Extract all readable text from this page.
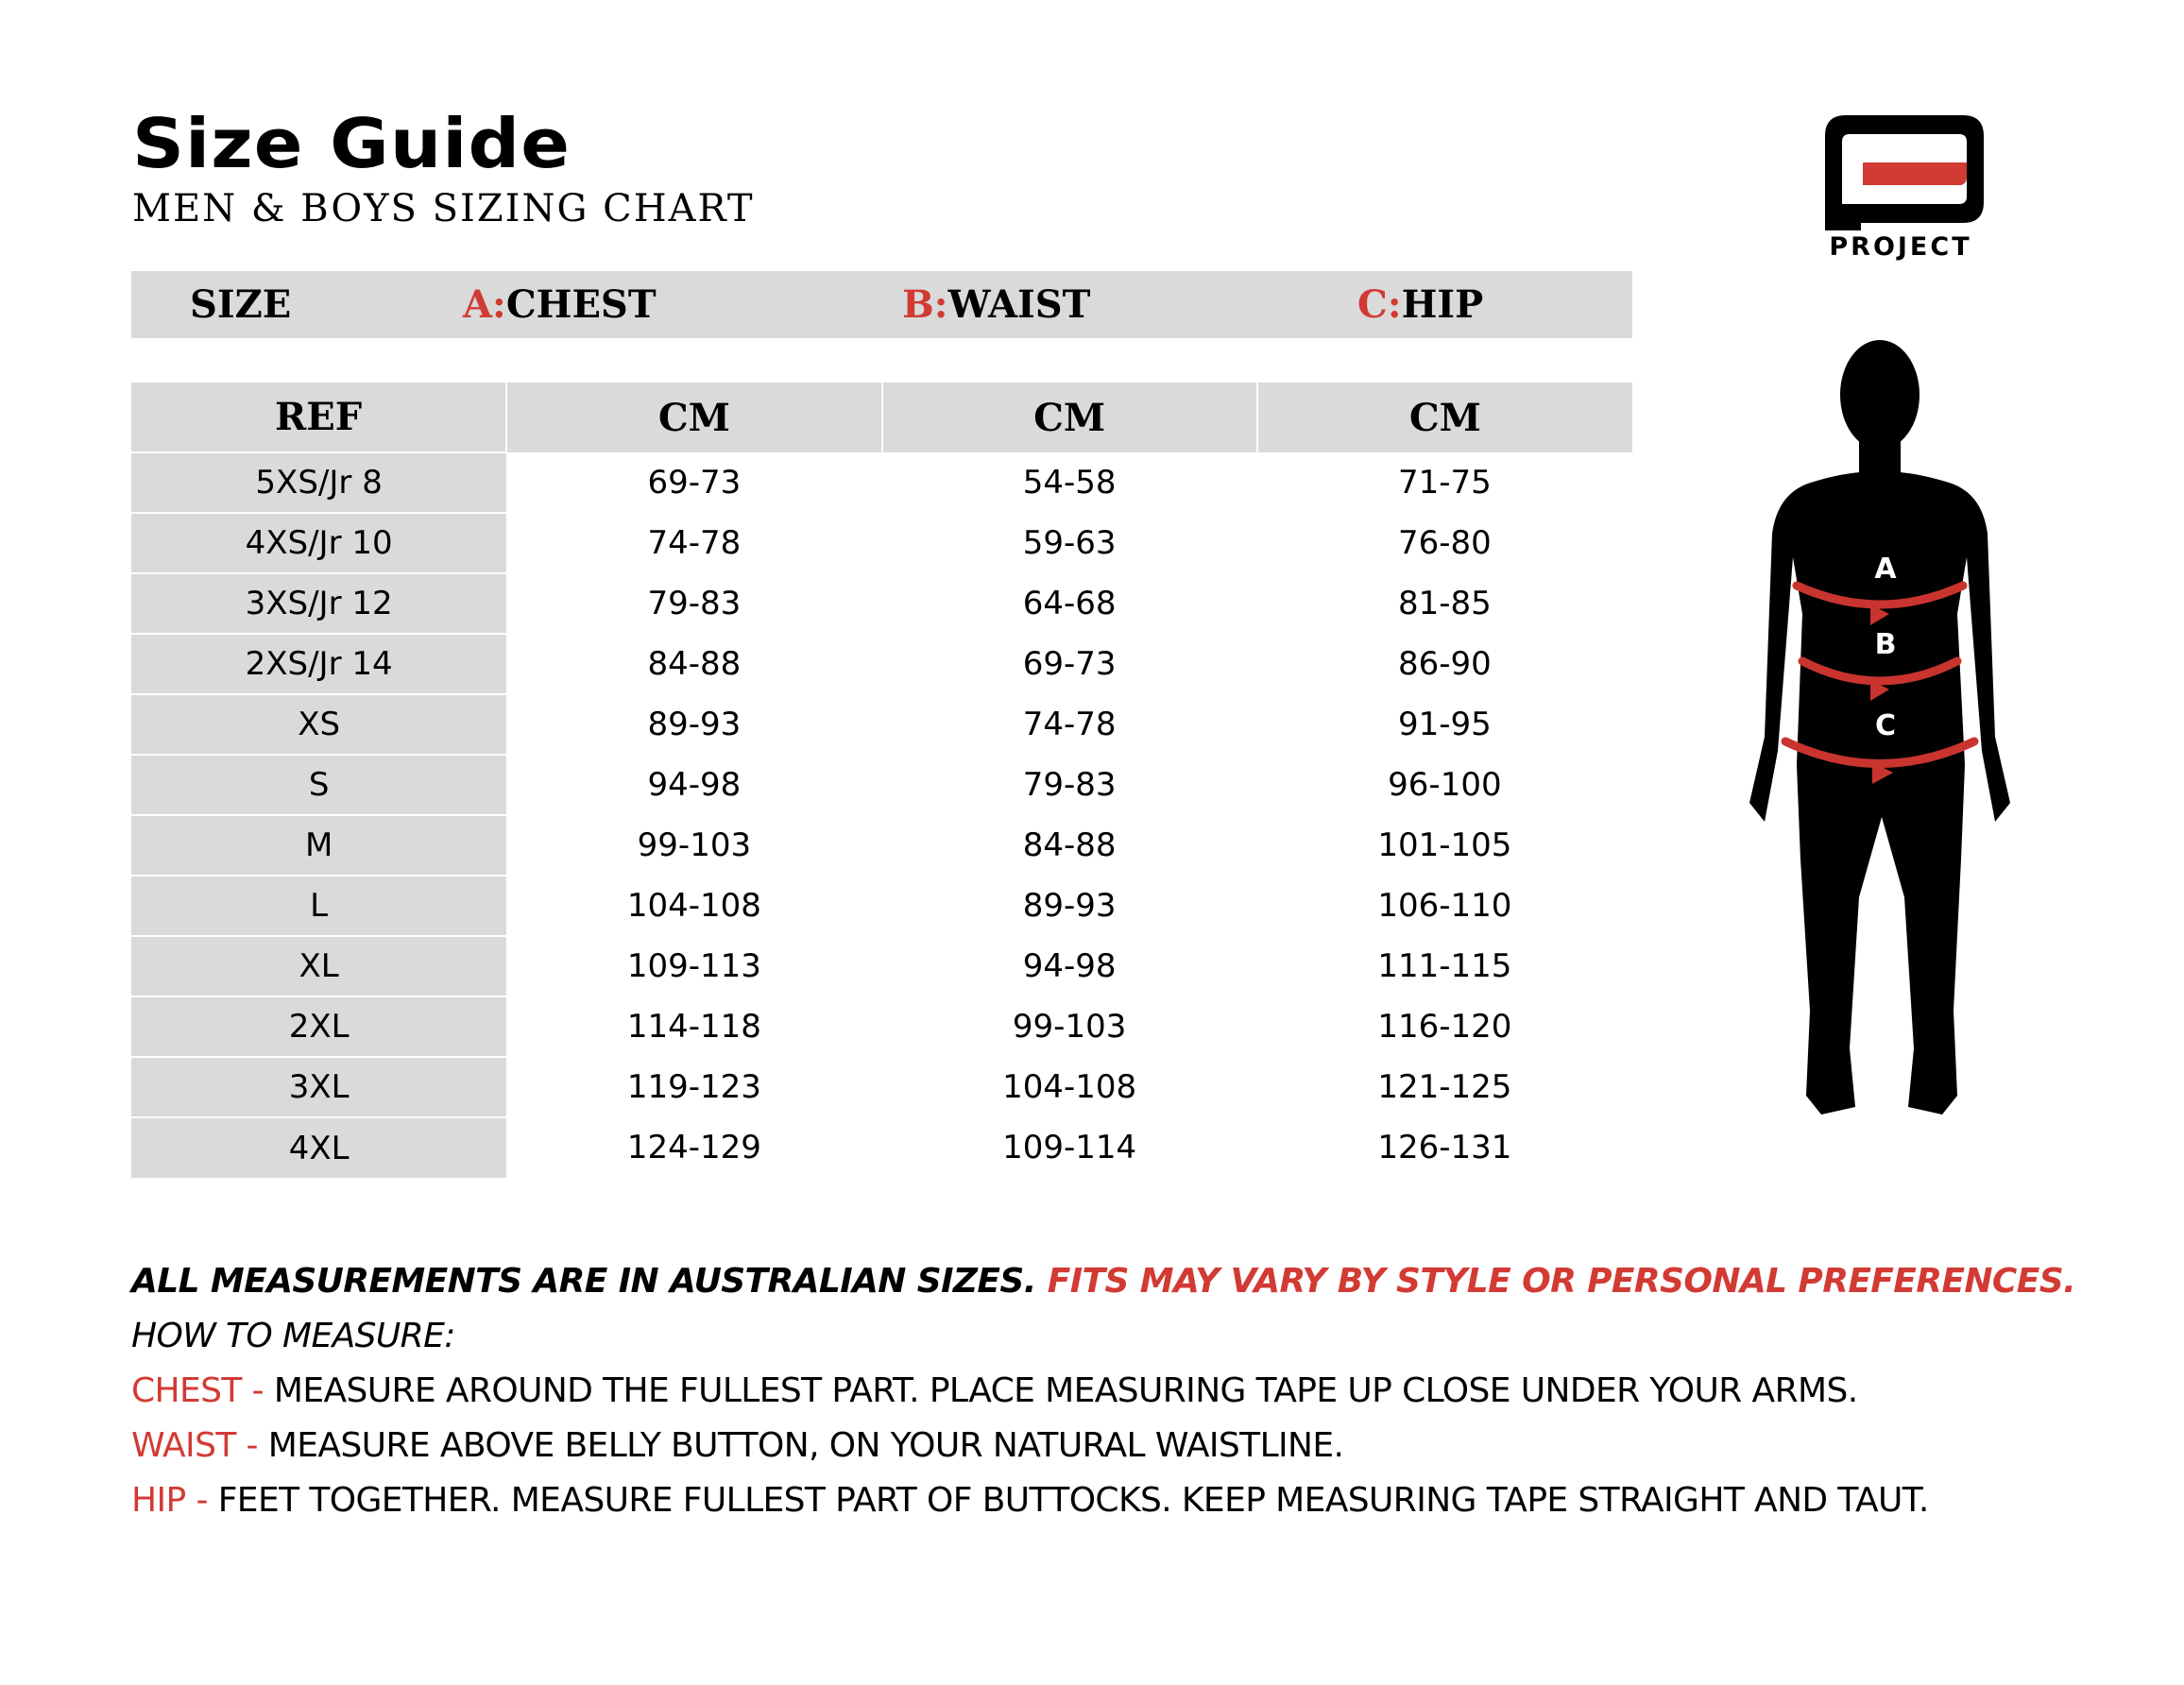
Size Guide
MEN & BOYS SIZING CHART
PROJECT
SIZE	A:CHEST	B:WAIST	C:HIP
REF	CM	CM	CM
5XS/Jr 8	69-73	54-58	71-75
4XS/Jr 10	74-78	59-63	76-80
3XS/Jr 12	79-83	64-68	81-85
2XS/Jr 14	84-88	69-73	86-90
XS	89-93	74-78	91-95
S	94-98	79-83	96-100
M	99-103	84-88	101-105
L	104-108	89-93	106-110
XL	109-113	94-98	111-115
2XL	114-118	99-103	116-120
3XL	119-123	104-108	121-125
4XL	124-129	109-114	126-131
A
B
C
ALL MEASUREMENTS ARE IN AUSTRALIAN SIZES. FITS MAY VARY BY STYLE OR PERSONAL PREFERENCES.
HOW TO MEASURE:
CHEST - MEASURE AROUND THE FULLEST PART. PLACE MEASURING TAPE UP CLOSE UNDER YOUR ARMS.
WAIST - MEASURE ABOVE BELLY BUTTON, ON YOUR NATURAL WAISTLINE.
HIP - FEET TOGETHER. MEASURE FULLEST PART OF BUTTOCKS. KEEP MEASURING TAPE STRAIGHT AND TAUT.
